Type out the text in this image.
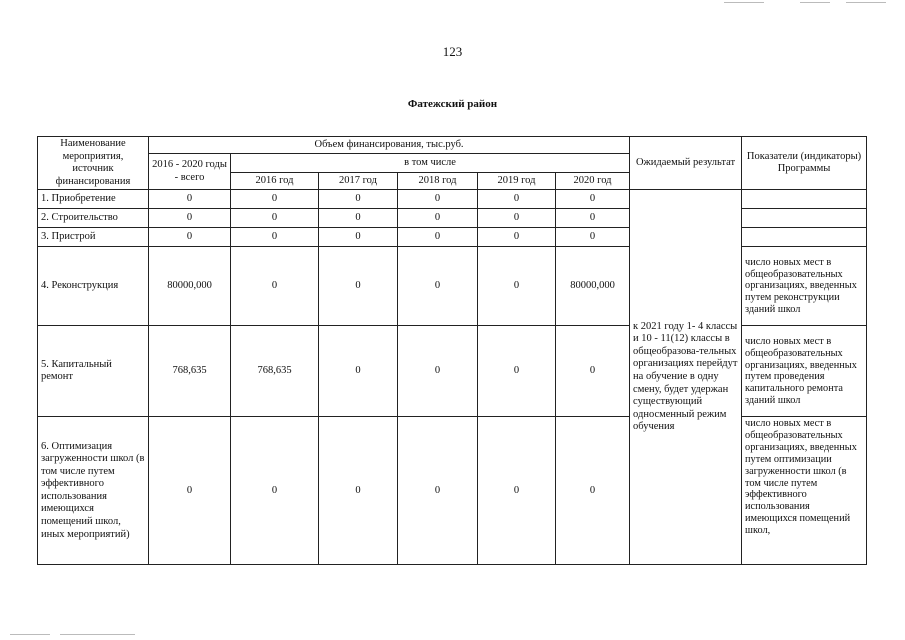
123
Фатежский район
Наименование мероприятия, источник финансирования	Объем финансирования, тыс.руб.						Ожидаемый результат	Показатели (индикаторы) Программы
	2016 - 2020 годы - всего	в том числе						
		2016 год	2017 год	2018 год	2019 год	2020 год		
1. Приобретение	0	0	0	0	0	0	к 2021 году 1- 4 классы и 10 - 11(12) классы в общеобразова-тельных организациях перейдут на обучение в одну смену, будет удержан существующий односменный режим обучения	
2. Строительство	0	0	0	0	0	0		
3. Пристрой	0	0	0	0	0	0		
4. Реконструкция	80000,000	0	0	0	0	80000,000		число новых мест в общеобразовательных организациях, введенных путем реконструкции зданий школ
5. Капитальный ремонт	768,635	768,635	0	0	0	0		число новых мест в общеобразовательных организациях, введенных путем проведения капитального ремонта зданий школ
6. Оптимизация загруженности школ (в том числе путем эффективного использования имеющихся помещений школ, иных мероприятий)	0	0	0	0	0	0		число новых мест в общеобразовательных организациях, введенных путем оптимизации загруженности школ (в том числе путем эффективного использования имеющихся помещений школ,
